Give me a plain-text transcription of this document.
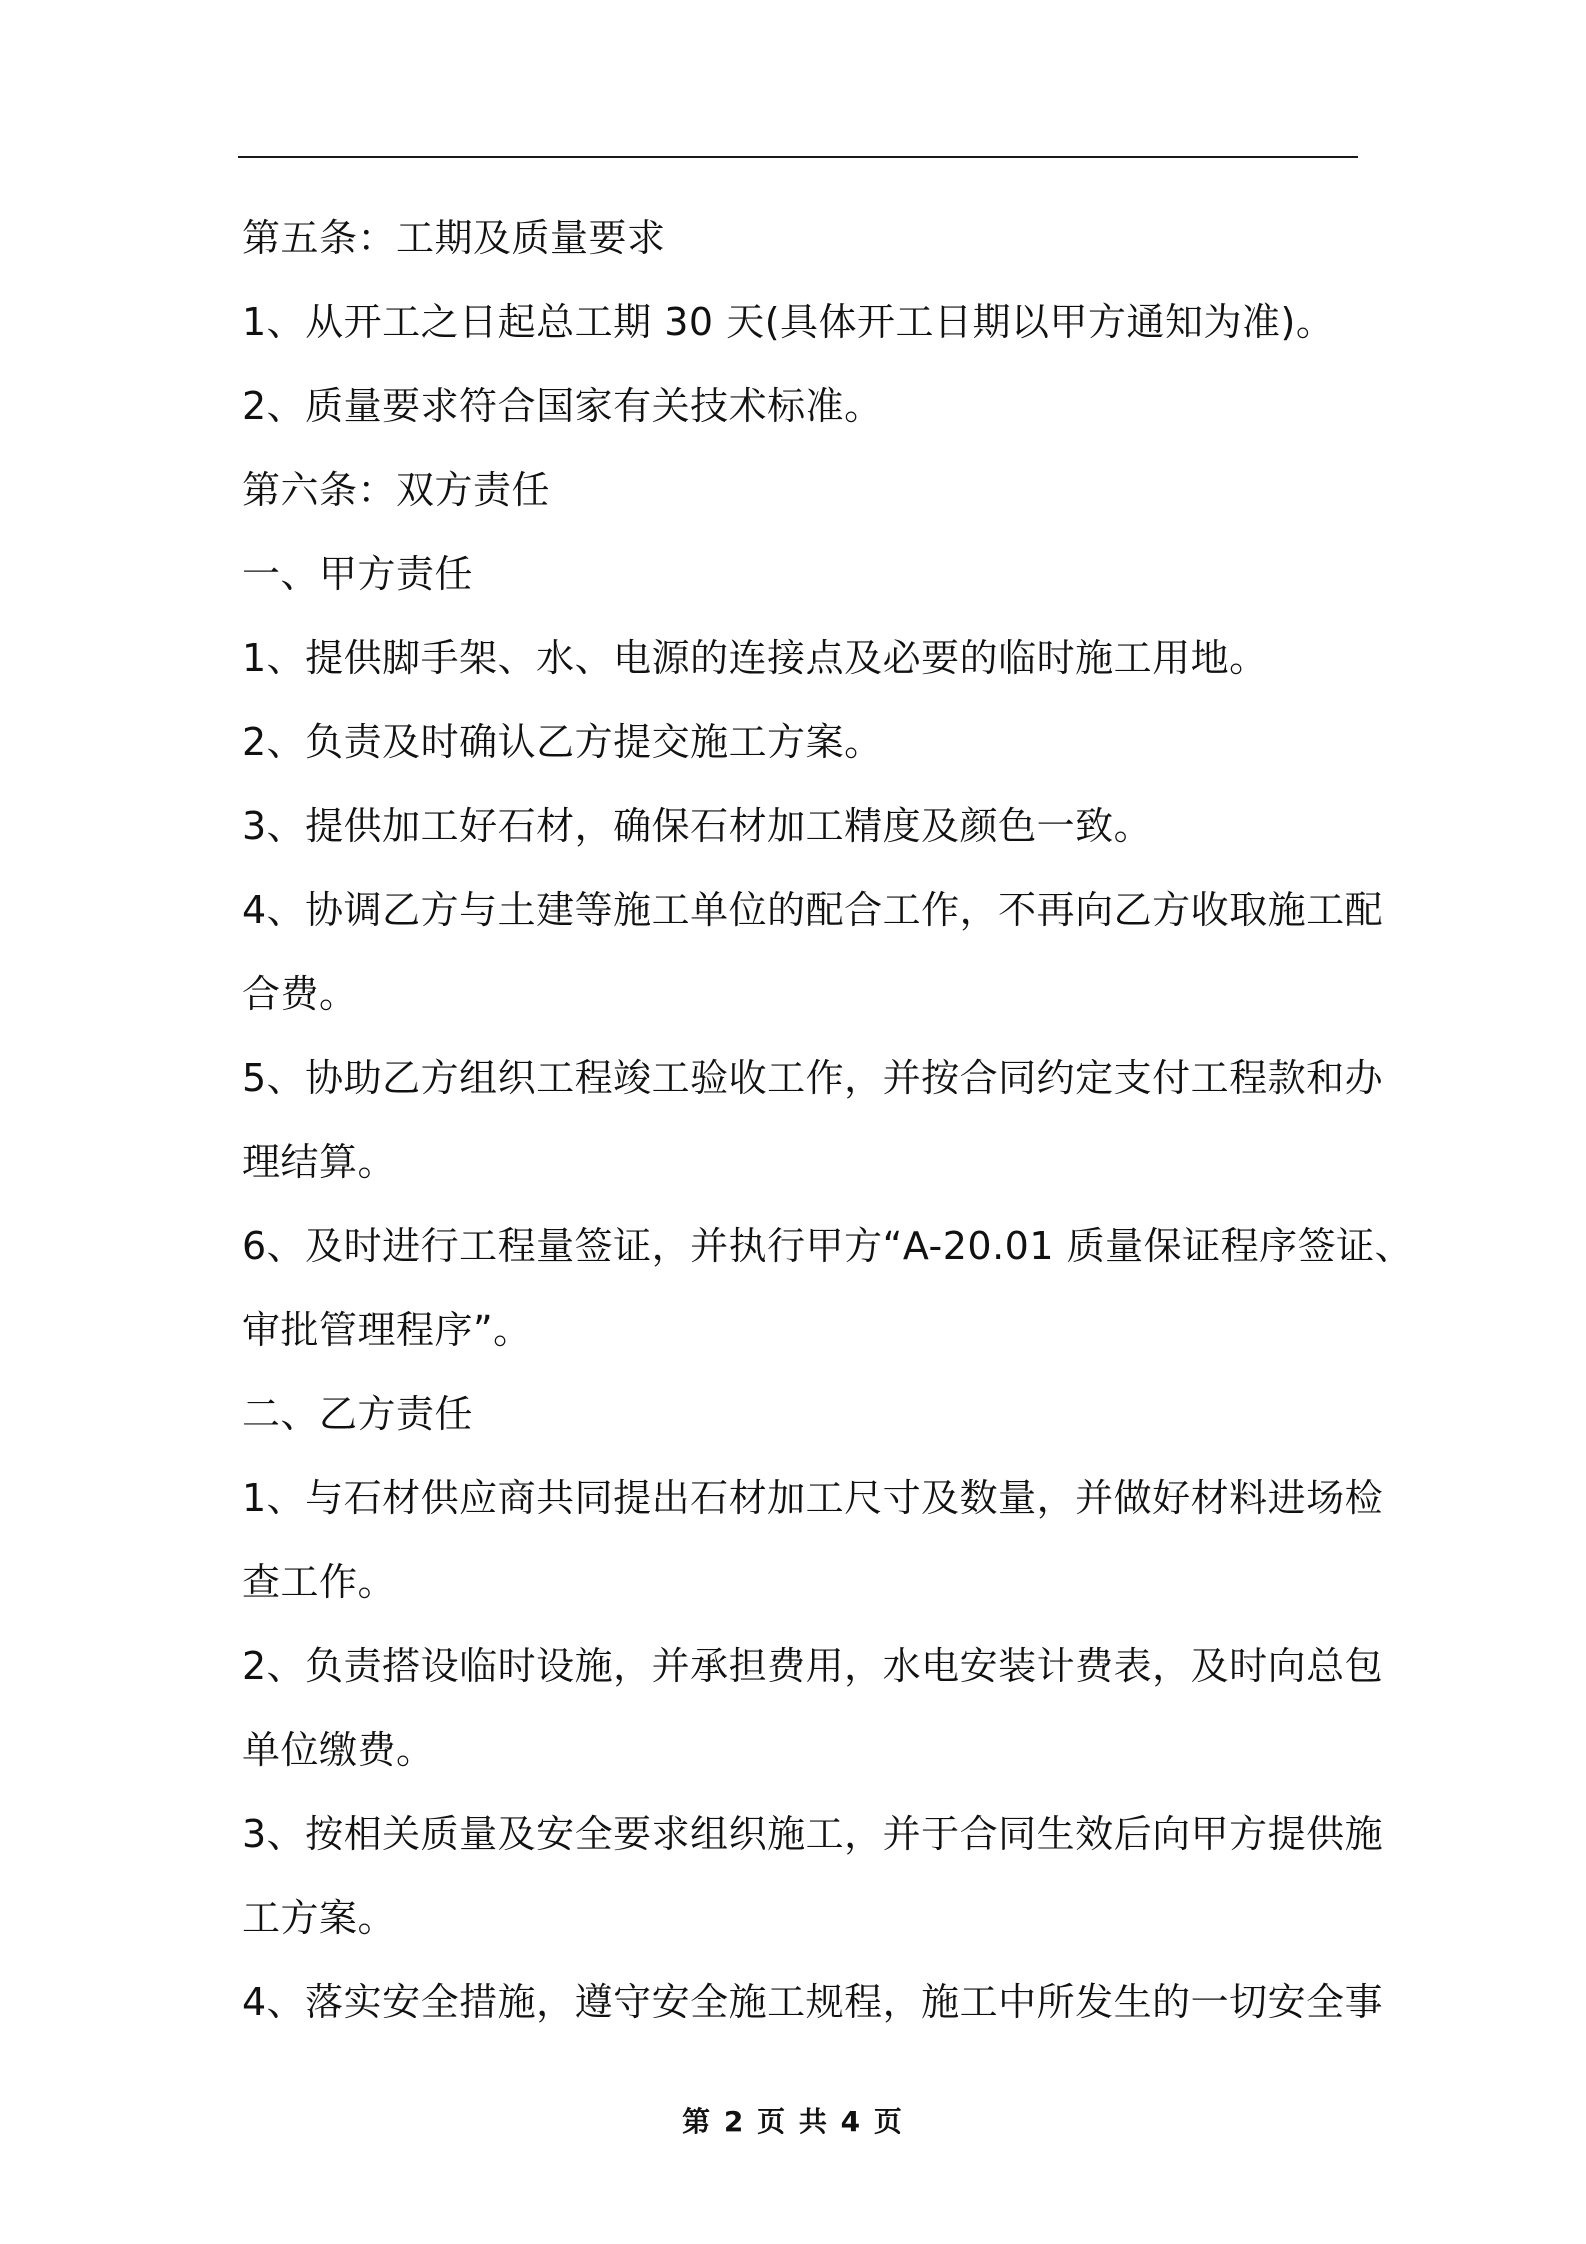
第五条：工期及质量要求
1、从开工之日起总工期 30 天(具体开工日期以甲方通知为准)。
2、质量要求符合国家有关技术标准。
第六条：双方责任
一、甲方责任
1、提供脚手架、水、电源的连接点及必要的临时施工用地。
2、负责及时确认乙方提交施工方案。
3、提供加工好石材，确保石材加工精度及颜色一致。
4、协调乙方与土建等施工单位的配合工作，不再向乙方收取施工配
合费。
5、协助乙方组织工程竣工验收工作，并按合同约定支付工程款和办
理结算。
6、及时进行工程量签证，并执行甲方“A-20.01 质量保证程序签证、
审批管理程序”。
二、乙方责任
1、与石材供应商共同提出石材加工尺寸及数量，并做好材料进场检
查工作。
2、负责搭设临时设施，并承担费用，水电安装计费表，及时向总包
单位缴费。
3、按相关质量及安全要求组织施工，并于合同生效后向甲方提供施
工方案。
4、落实安全措施，遵守安全施工规程，施工中所发生的一切安全事
第 2 页 共 4 页
